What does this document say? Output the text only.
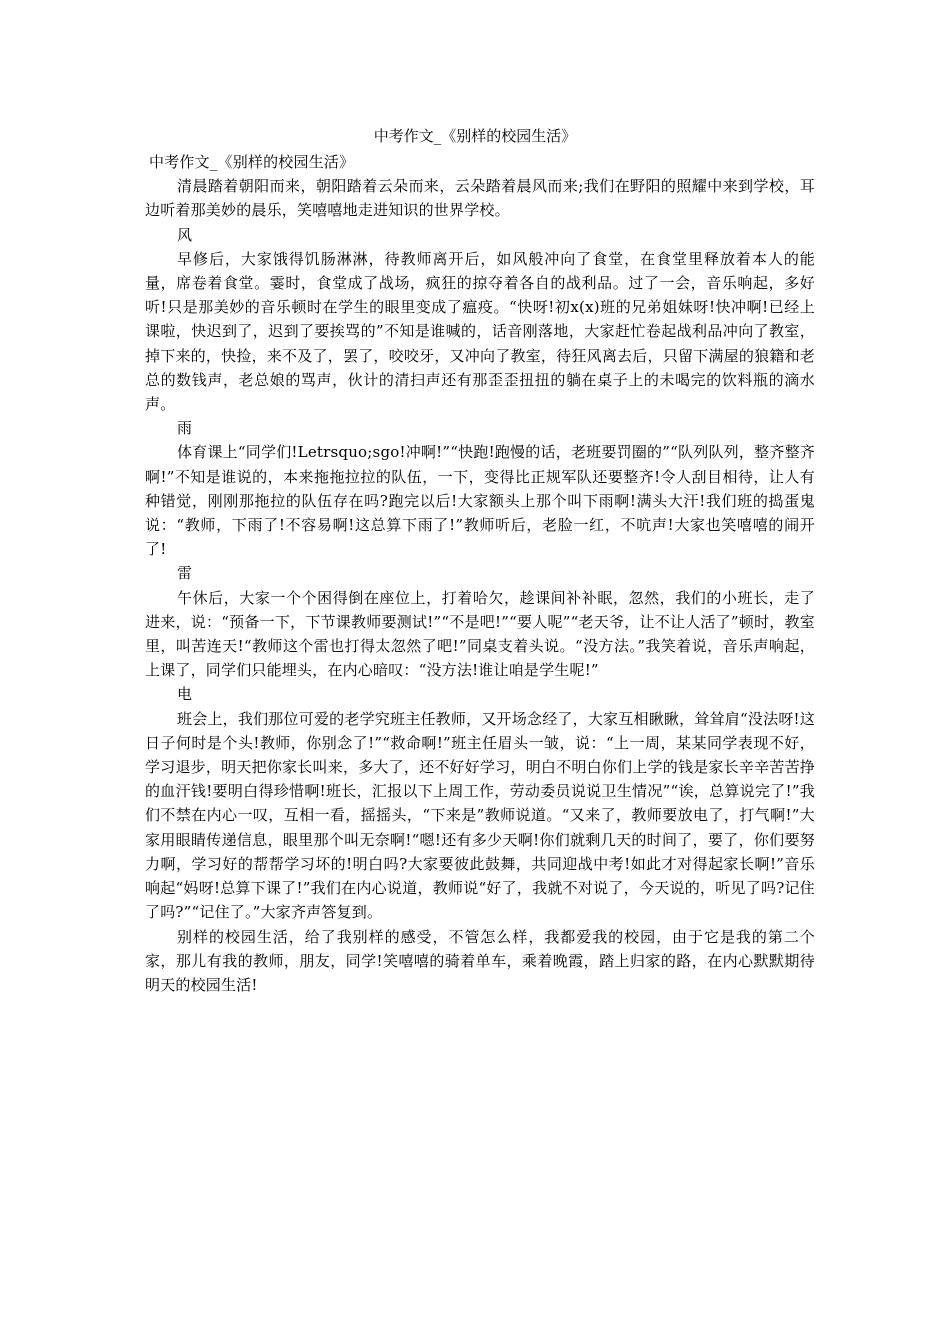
中考作文_《别样的校园生活》

中考作文_《别样的校园生活》

清晨踏着朝阳而来，朝阳踏着云朵而来，云朵踏着晨风而来;我们在野阳的照耀中来到学校，耳边听着那美妙的晨乐，笑嘻嘻地走进知识的世界学校。

风

早修后，大家饿得饥肠淋淋，待教师离开后，如风般冲向了食堂，在食堂里释放着本人的能量，席卷着食堂。霎时，食堂成了战场，疯狂的掠夺着各自的战利品。过了一会，音乐响起，多好听!只是那美妙的音乐顿时在学生的眼里变成了瘟疫。“快呀!初x(x)班的兄弟姐妹呀!快冲啊!已经上课啦，快迟到了，迟到了要挨骂的”不知是谁喊的，话音刚落地，大家赶忙卷起战利品冲向了教室，掉下来的，快捡，来不及了，罢了，咬咬牙，又冲向了教室，待狂风离去后，只留下满屋的狼籍和老总的数钱声，老总娘的骂声，伙计的清扫声还有那歪歪扭扭的躺在桌子上的未喝完的饮料瓶的滴水声。

雨

体育课上“同学们!Letrsquo;sgo!冲啊!”“快跑!跑慢的话，老班要罚圈的”“队列队列，整齐整齐啊!”不知是谁说的，本来拖拖拉拉的队伍，一下，变得比正规军队还要整齐!令人刮目相待，让人有种错觉，刚刚那拖拉的队伍存在吗?跑完以后!大家额头上那个叫下雨啊!满头大汗!我们班的捣蛋鬼说：“教师，下雨了!不容易啊!这总算下雨了!”教师听后，老脸一红，不吭声!大家也笑嘻嘻的闹开了!

雷

午休后，大家一个个困得倒在座位上，打着哈欠，趁课间补补眠，忽然，我们的小班长，走了进来，说：“预备一下，下节课教师要测试!”“不是吧!”“要人呢”“老天爷，让不让人活了”顿时，教室里，叫苦连天!“教师这个雷也打得太忽然了吧!”同桌支着头说。“没方法。”我笑着说，音乐声响起，上课了，同学们只能埋头，在内心暗叹：“没方法!谁让咱是学生呢!”

电

班会上，我们那位可爱的老学究班主任教师，又开场念经了，大家互相瞅瞅，耸耸肩“没法呀!这日子何时是个头!教师，你别念了!”“救命啊!”班主任眉头一皱，说：“上一周，某某同学表现不好，学习退步，明天把你家长叫来，多大了，还不好好学习，明白不明白你们上学的钱是家长辛辛苦苦挣的血汗钱!要明白得珍惜啊!班长，汇报以下上周工作，劳动委员说说卫生情况”“诶，总算说完了!”我们不禁在内心一叹，互相一看，摇摇头，“下来是”教师说道。“又来了，教师要放电了，打气啊!”大家用眼睛传递信息，眼里那个叫无奈啊!“嗯!还有多少天啊!你们就剩几天的时间了，要了，你们要努力啊，学习好的帮帮学习坏的!明白吗?大家要彼此鼓舞，共同迎战中考!如此才对得起家长啊!”音乐响起“妈呀!总算下课了!”我们在内心说道，教师说“好了，我就不对说了，今天说的，听见了吗?记住了吗?”“记住了。”大家齐声答复到。

别样的校园生活，给了我别样的感受，不管怎么样，我都爱我的校园，由于它是我的第二个家，那儿有我的教师，朋友，同学!笑嘻嘻的骑着单车，乘着晚霞，踏上归家的路，在内心默默期待明天的校园生活!
